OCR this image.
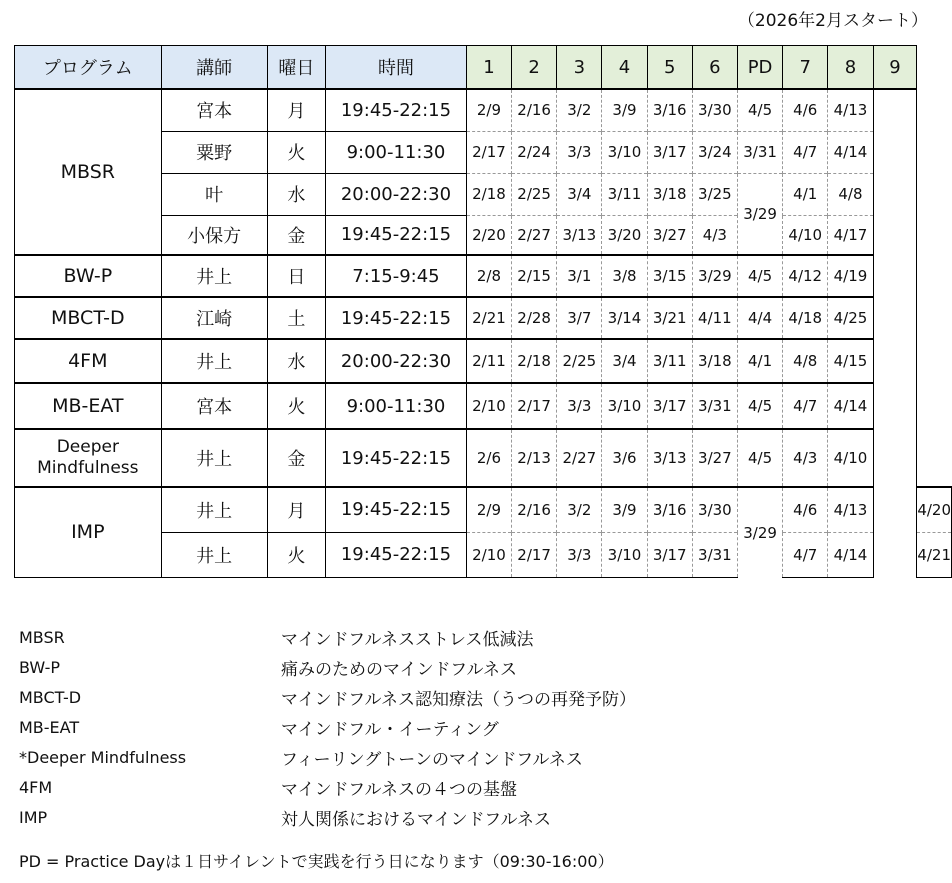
（2026年2月スタート）
プログラム	講師	曜日	時間	1	2	3	4	5	6	PD	7	8	9	
MBSR	宮本	月	19:45-22:15	2/9	2/16	3/2	3/9	3/16	3/30	4/5	4/6	4/13		
	粟野	火	9:00-11:30	2/17	2/24	3/3	3/10	3/17	3/24	3/31	4/7	4/14		
	叶	水	20:00-22:30	2/18	2/25	3/4	3/11	3/18	3/25	3/29	4/1	4/8		
	小保方	金	19:45-22:15	2/20	2/27	3/13	3/20	3/27	4/3		4/10	4/17		
BW-P	井上	日	7:15-9:45	2/8	2/15	3/1	3/8	3/15	3/29	4/5	4/12	4/19		
MBCT-D	江崎	土	19:45-22:15	2/21	2/28	3/7	3/14	3/21	4/11	4/4	4/18	4/25		
4FM	井上	水	20:00-22:30	2/11	2/18	2/25	3/4	3/11	3/18	4/1	4/8	4/15		
MB-EAT	宮本	火	9:00-11:30	2/10	2/17	3/3	3/10	3/17	3/31	4/5	4/7	4/14		

Deeper
Mindfulness	井上	金	19:45-22:15	2/6	2/13	2/27	3/6	3/13	3/27	4/5	4/3	4/10		
IMP	井上	月	19:45-22:15	2/9	2/16	3/2	3/9	3/16	3/30	3/29	4/6	4/13		4/20
	井上	火	19:45-22:15	2/10	2/17	3/3	3/10	3/17	3/31		4/7	4/14		4/21
MBSR	マインドフルネスストレス低減法
BW-P	痛みのためのマインドフルネス
MBCT-D	マインドフルネス認知療法（うつの再発予防）
MB-EAT	マインドフル・イーティング
*Deeper Mindfulness	フィーリングトーンのマインドフルネス
4FM	マインドフルネスの４つの基盤
IMP	対人関係におけるマインドフルネス
PD = Practice Dayは１日サイレントで実践を行う日になります（09:30-16:00）
